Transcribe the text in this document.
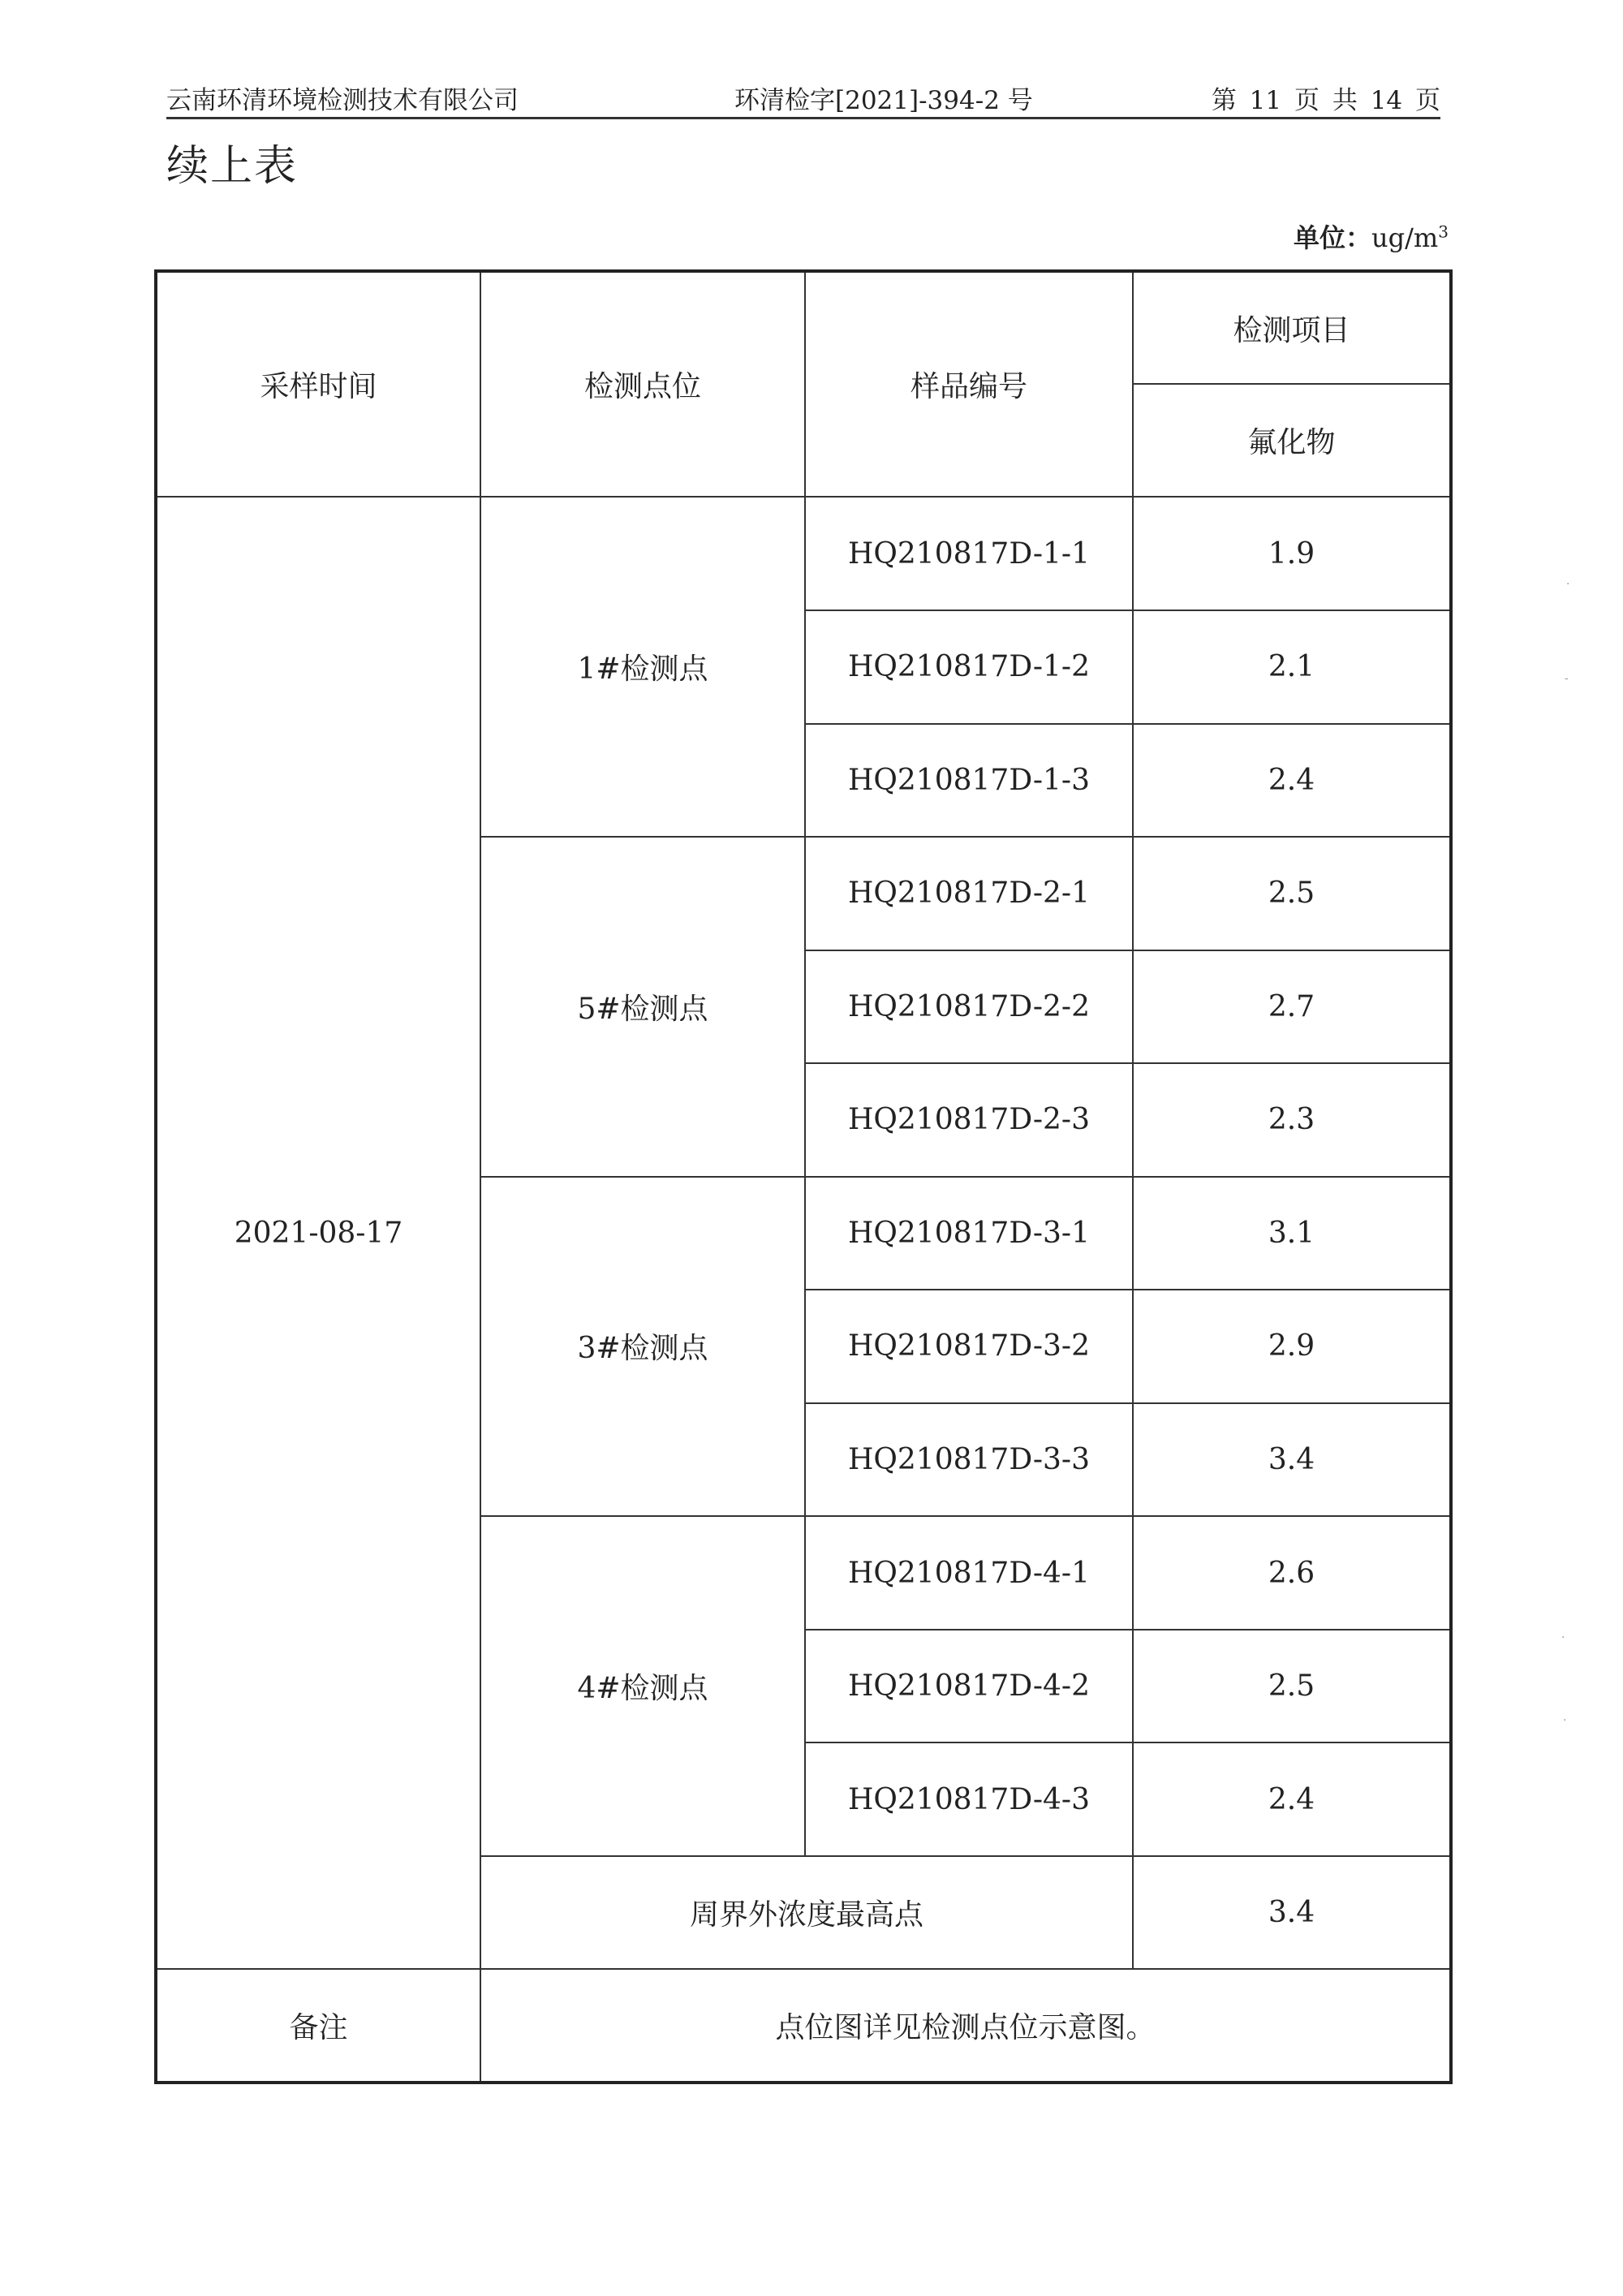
云南环清环境检测技术有限公司	环清检字[2021]-394-2 号	第 11 页 共 14 页
续上表
单位：$ug/m^3$
采样时间	检测点位	样品编号	检测项目
			氟化物
2021-08-17	1#检测点	HQ210817D-1-1	1.9
		HQ210817D-1-2	2.1
		HQ210817D-1-3	2.4
	5#检测点	HQ210817D-2-1	2.5
		HQ210817D-2-2	2.7
		HQ210817D-2-3	2.3
	3#检测点	HQ210817D-3-1	3.1
		HQ210817D-3-2	2.9
		HQ210817D-3-3	3.4
	4#检测点	HQ210817D-4-1	2.6
		HQ210817D-4-2	2.5
		HQ210817D-4-3	2.4
	周界外浓度最高点		3.4
备注	点位图详见检测点位示意图。		
·
-
·
·
